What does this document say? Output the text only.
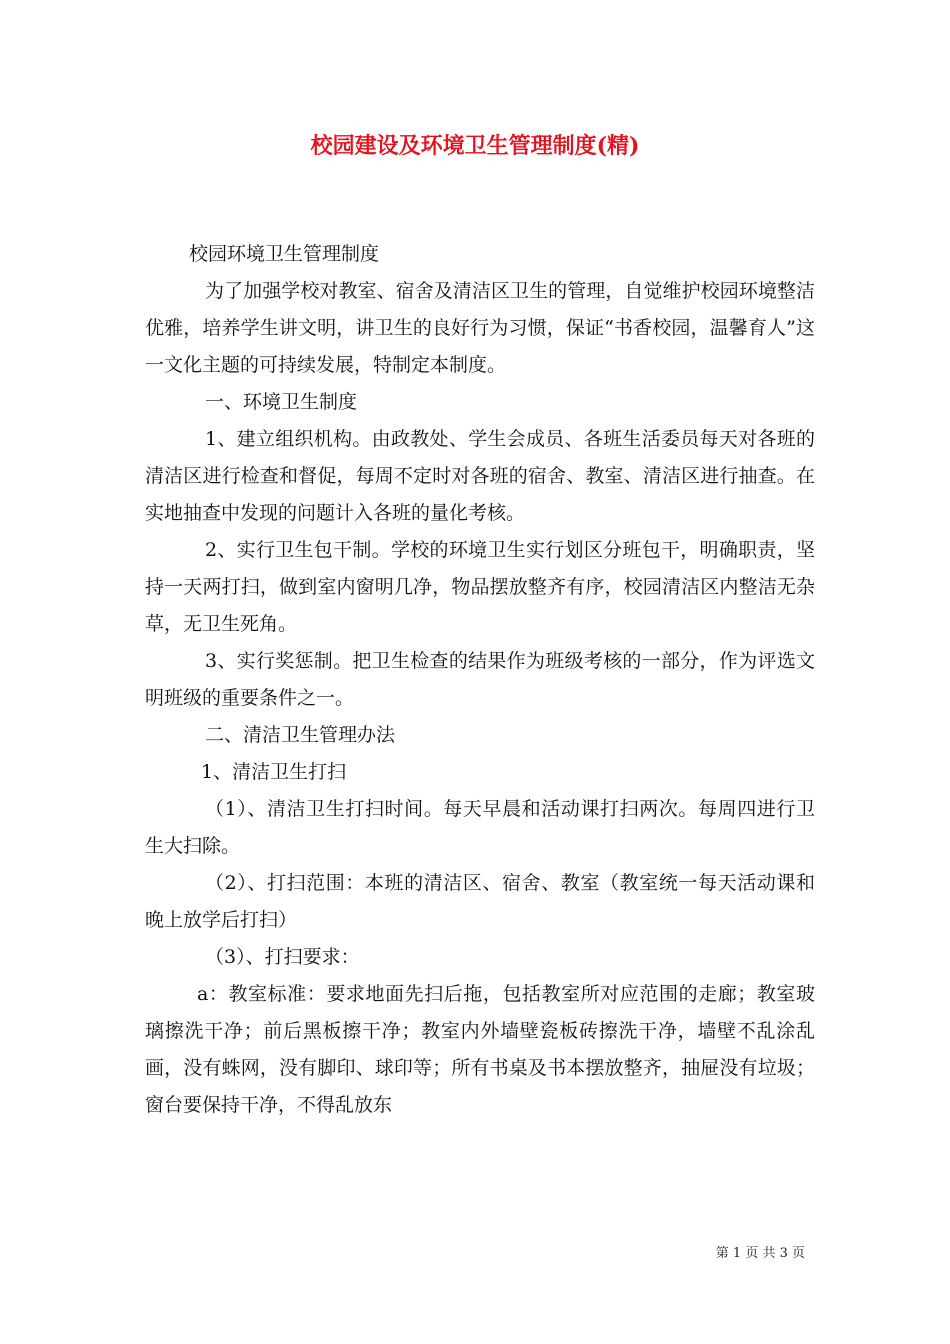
校园建设及环境卫生管理制度(精)

校园环境卫生管理制度

为了加强学校对教室、宿舍及清洁区卫生的管理，自觉维护校园环境整洁优雅，培养学生讲文明，讲卫生的良好行为习惯，保证“书香校园，温馨育人”这一文化主题的可持续发展，特制定本制度。

一、环境卫生制度

1、建立组织机构。由政教处、学生会成员、各班生活委员每天对各班的清洁区进行检查和督促，每周不定时对各班的宿舍、教室、清洁区进行抽查。在实地抽查中发现的问题计入各班的量化考核。

2、实行卫生包干制。学校的环境卫生实行划区分班包干，明确职责，坚持一天两打扫，做到室内窗明几净，物品摆放整齐有序，校园清洁区内整洁无杂草，无卫生死角。

3、实行奖惩制。把卫生检查的结果作为班级考核的一部分，作为评选文明班级的重要条件之一。

二、清洁卫生管理办法

1、清洁卫生打扫

（1）、清洁卫生打扫时间。每天早晨和活动课打扫两次。每周四进行卫生大扫除。

（2）、打扫范围：本班的清洁区、宿舍、教室（教室统一每天活动课和晚上放学后打扫）

（3）、打扫要求：

a：教室标准：要求地面先扫后拖，包括教室所对应范围的走廊；教室玻璃擦洗干净；前后黑板擦干净；教室内外墙壁瓷板砖擦洗干净，墙壁不乱涂乱画，没有蛛网，没有脚印、球印等；所有书桌及书本摆放整齐，抽屉没有垃圾；窗台要保持干净，不得乱放东

第 1 页 共 3 页
